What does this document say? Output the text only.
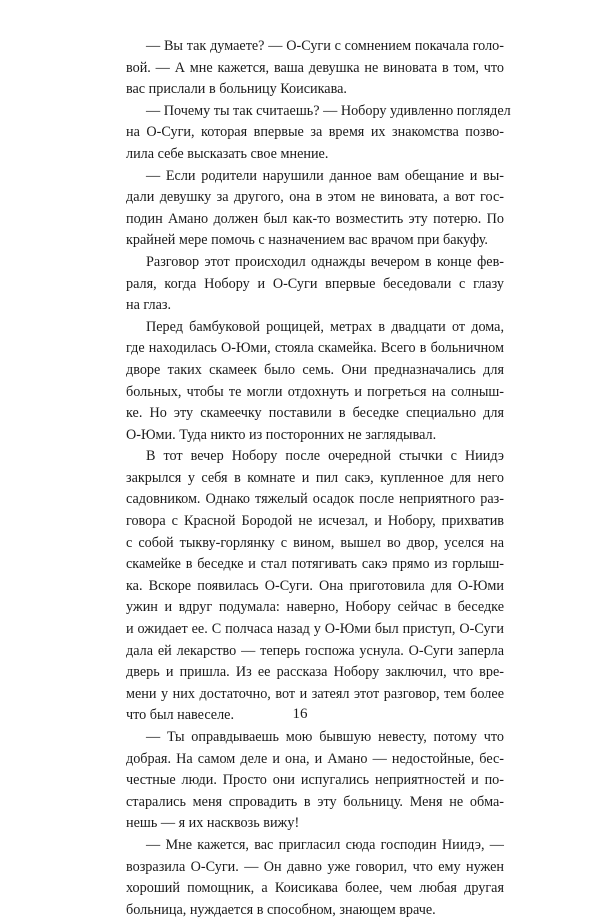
— Вы так думаете? — О-Суги с сомнением покачала голо-
вой. — А мне кажется, ваша девушка не виновата в том, что
вас прислали в больницу Коисикава.

— Почему ты так считаешь? — Нобору удивленно поглядел
на О-Суги, которая впервые за время их знакомства позво-
лила себе высказать свое мнение.

— Если родители нарушили данное вам обещание и вы-
дали девушку за другого, она в этом не виновата, а вот гос-
подин Амано должен был как-то возместить эту потерю. По
крайней мере помочь с назначением вас врачом при бакуфу.

Разговор этот происходил однажды вечером в конце фев-
раля, когда Нобору и О-Суги впервые беседовали с глазу
на глаз.

Перед бамбуковой рощицей, метрах в двадцати от дома,
где находилась О-Юми, стояла скамейка. Всего в больничном
дворе таких скамеек было семь. Они предназначались для
больных, чтобы те могли отдохнуть и погреться на солныш-
ке. Но эту скамеечку поставили в беседке специально для
О-Юми. Туда никто из посторонних не заглядывал.

В тот вечер Нобору после очередной стычки с Ниидэ
закрылся у себя в комнате и пил сакэ, купленное для него
садовником. Однако тяжелый осадок после неприятного раз-
говора с Красной Бородой не исчезал, и Нобору, прихватив
с собой тыкву-горлянку с вином, вышел во двор, уселся на
скамейке в беседке и стал потягивать сакэ прямо из горлыш-
ка. Вскоре появилась О-Суги. Она приготовила для О-Юми
ужин и вдруг подумала: наверно, Нобору сейчас в беседке
и ожидает ее. С полчаса назад у О-Юми был приступ, О-Суги
дала ей лекарство — теперь госпожа уснула. О-Суги заперла
дверь и пришла. Из ее рассказа Нобору заключил, что вре-
мени у них достаточно, вот и затеял этот разговор, тем более
что был навеселе.

— Ты оправдываешь мою бывшую невесту, потому что
добрая. На самом деле и она, и Амано — недостойные, бес-
честные люди. Просто они испугались неприятностей и по-
старались меня спровадить в эту больницу. Меня не обма-
нешь — я их насквозь вижу!

— Мне кажется, вас пригласил сюда господин Ниидэ, —
возразила О-Суги. — Он давно уже говорил, что ему нужен
хороший помощник, а Коисикава более, чем любая другая
больница, нуждается в способном, знающем враче.

16
